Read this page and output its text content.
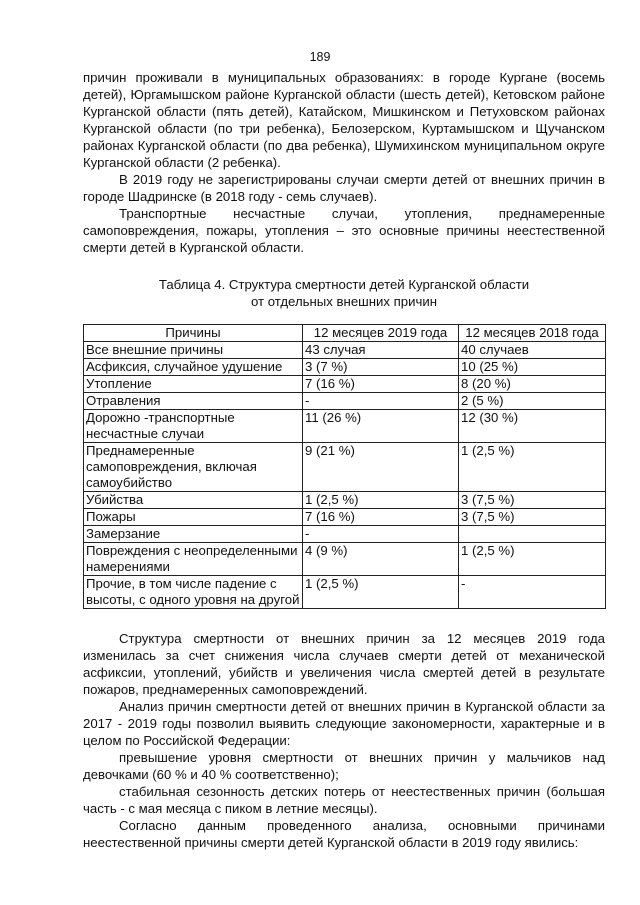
189

причин проживали в муниципальных образованиях: в городе Кургане (восемь детей), Юргамышском районе Курганской области (шесть детей), Кетовском районе Курганской области (пять детей), Катайском, Мишкинском и Петуховском районах Курганской области (по три ребенка), Белозерском, Куртамышском и Щучанском районах Курганской области (по два ребенка), Шумихинском муниципальном округе Курганской области (2 ребенка).

В 2019 году не зарегистрированы случаи смерти детей от внешних причин в городе Шадринске (в 2018 году - семь случаев).

Транспортные несчастные случаи, утопления, преднамеренные самоповреждения, пожары, утопления – это основные причины неестественной смерти детей в Курганской области.

Таблица 4. Структура смертности детей Курганской области
от отдельных внешних причин
Причины	12 месяцев 2019 года	12 месяцев 2018 года
Все внешние причины	43 случая	40 случаев
Асфиксия, случайное удушение	3 (7 %)	10 (25 %)
Утопление	7 (16 %)	8 (20 %)
Отравления	-	2 (5 %)
Дорожно -транспортные несчастные случаи	11 (26 %)	12 (30 %)
Преднамеренные самоповреждения, включая самоубийство	9 (21 %)	1 (2,5 %)
Убийства	1 (2,5 %)	3 (7,5 %)
Пожары	7 (16 %)	3 (7,5 %)
Замерзание	-	
Повреждения с неопределенными намерениями	4 (9 %)	1 (2,5 %)
Прочие, в том числе падение с высоты, с одного уровня на другой	1 (2,5 %)	-

Структура смертности от внешних причин за 12 месяцев 2019 года изменилась за счет снижения числа случаев смерти детей от механической асфиксии, утоплений, убийств и увеличения числа смертей детей в результате пожаров, преднамеренных самоповреждений.

Анализ причин смертности детей от внешних причин в Курганской области за 2017 - 2019 годы позволил выявить следующие закономерности, характерные и в целом по Российской Федерации:

превышение уровня смертности от внешних причин у мальчиков над девочками (60 % и 40 % соответственно);

стабильная сезонность детских потерь от неестественных причин (большая часть - с мая месяца с пиком в летние месяцы).

Согласно данным проведенного анализа, основными причинами неестественной причины смерти детей Курганской области в 2019 году явились:
